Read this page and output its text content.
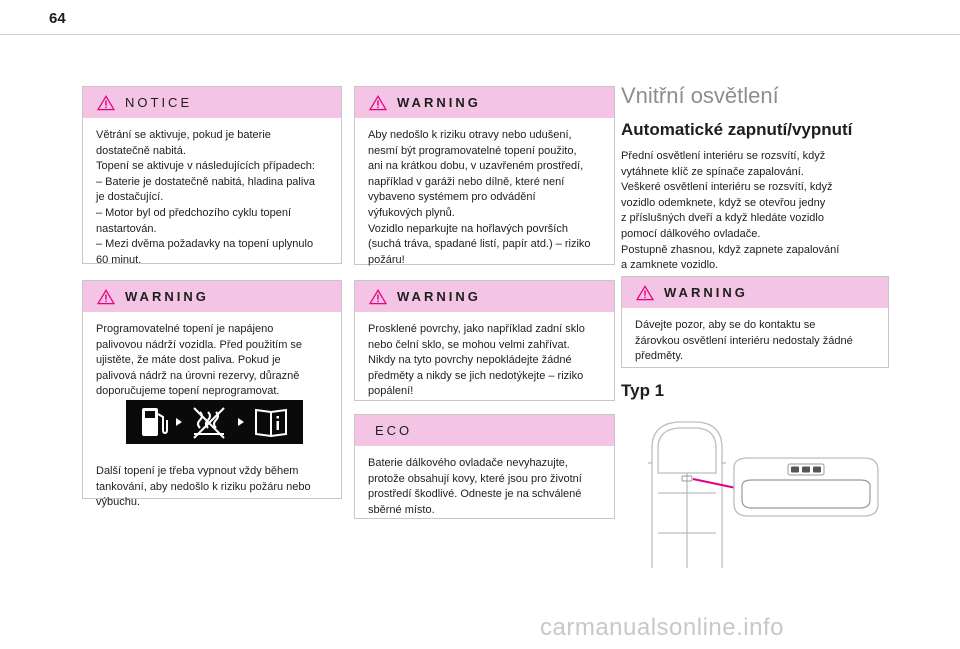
64
NOTICE

Větrání se aktivuje, pokud je baterie
dostatečně nabitá.
Topení se aktivuje v následujících případech:
– Baterie je dostatečně nabitá, hladina paliva
je dostačující.
– Motor byl od předchozího cyklu topení
nastartován.
– Mezi dvěma požadavky na topení uplynulo
60 minut.

WARNING

Programovatelné topení je napájeno
palivovou nádrží vozidla. Před použitím se
ujistěte, že máte dost paliva. Pokud je
palivová nádrž na úrovni rezervy, důrazně
doporučujeme topení neprogramovat.

Další topení je třeba vypnout vždy během
tankování, aby nedošlo k riziku požáru nebo
výbuchu.

WARNING

Aby nedošlo k riziku otravy nebo udušení,
nesmí být programovatelné topení použito,
ani na krátkou dobu, v uzavřeném prostředí,
například v garáži nebo dílně, které není
vybaveno systémem pro odvádění
výfukových plynů.
Vozidlo neparkujte na hořlavých površích
(suchá tráva, spadané listí, papír atd.) – riziko
požáru!

WARNING

Prosklené povrchy, jako například zadní sklo
nebo čelní sklo, se mohou velmi zahřívat.
Nikdy na tyto povrchy nepokládejte žádné
předměty a nikdy se jich nedotýkejte – riziko
popálení!

ECO

Baterie dálkového ovladače nevyhazujte,
protože obsahují kovy, které jsou pro životní
prostředí škodlivé. Odneste je na schválené
sběrné místo.

Vnitřní osvětlení
Automatické zapnutí/vypnutí
Přední osvětlení interiéru se rozsvítí, když
vytáhnete klíč ze spínače zapalování.
Veškeré osvětlení interiéru se rozsvítí, když
vozidlo odemknete, když se otevřou jedny
z příslušných dveří a když hledáte vozidlo
pomocí dálkového ovladače.
Postupně zhasnou, když zapnete zapalování
a zamknete vozidlo.
WARNING

Dávejte pozor, aby se do kontaktu se
žárovkou osvětlení interiéru nedostaly žádné
předměty.

Typ 1
carmanualsonline.info
